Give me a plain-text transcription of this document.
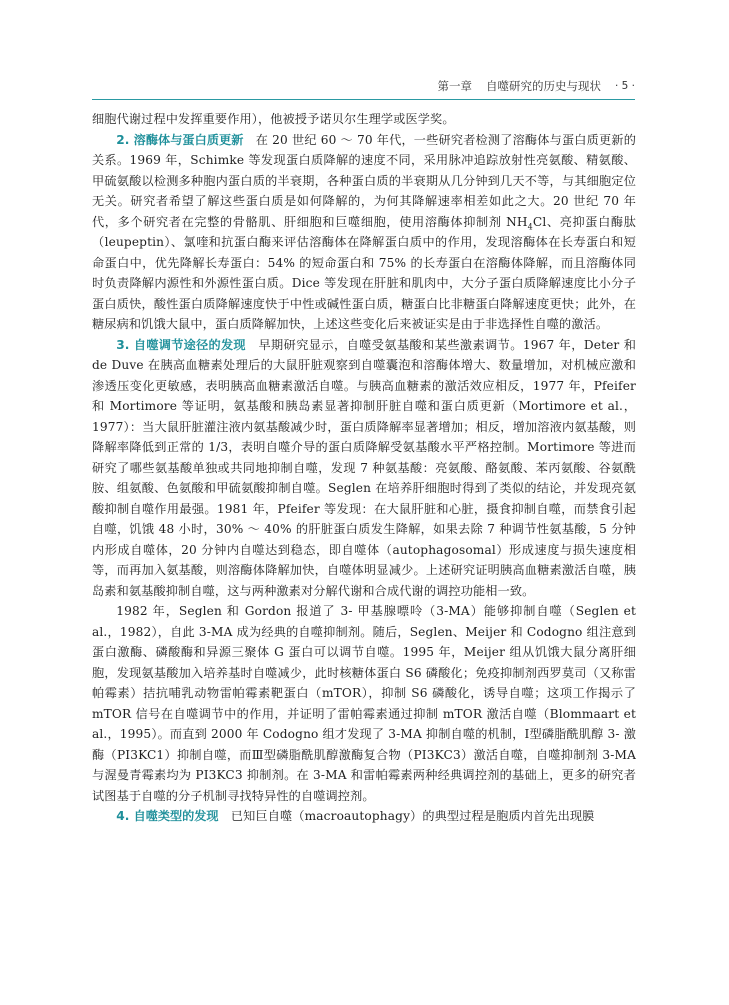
第一章 自噬研究的历史与现状 · 5 ·

细胞代谢过程中发挥重要作用），他被授予诺贝尔生理学或医学奖。

2. 溶酶体与蛋白质更新　在 20 世纪 60 ～ 70 年代，一些研究者检测了溶酶体与蛋白质更新的关系。1969 年，Schimke 等发现蛋白质降解的速度不同，采用脉冲追踪放射性亮氨酸、精氨酸、甲硫氨酸以检测多种胞内蛋白质的半衰期，各种蛋白质的半衰期从几分钟到几天不等，与其细胞定位无关。研究者希望了解这些蛋白质是如何降解的，为何其降解速率相差如此之大。20 世纪 70 年代，多个研究者在完整的骨骼肌、肝细胞和巨噬细胞，使用溶酶体抑制剂 $NH_4Cl$、亮抑蛋白酶肽（leupeptin）、氯喹和抗蛋白酶来评估溶酶体在降解蛋白质中的作用，发现溶酶体在长寿蛋白和短命蛋白中，优先降解长寿蛋白：54% 的短命蛋白和 75% 的长寿蛋白在溶酶体降解，而且溶酶体同时负责降解内源性和外源性蛋白质。Dice 等发现在肝脏和肌肉中，大分子蛋白质降解速度比小分子蛋白质快，酸性蛋白质降解速度快于中性或碱性蛋白质，糖蛋白比非糖蛋白降解速度更快；此外，在糖尿病和饥饿大鼠中，蛋白质降解加快，上述这些变化后来被证实是由于非选择性自噬的激活。

3. 自噬调节途径的发现　早期研究显示，自噬受氨基酸和某些激素调节。1967 年，Deter 和 de Duve 在胰高血糖素处理后的大鼠肝脏观察到自噬囊泡和溶酶体增大、数量增加，对机械应激和渗透压变化更敏感，表明胰高血糖素激活自噬。与胰高血糖素的激活效应相反，1977 年，Pfeifer 和 Mortimore 等证明，氨基酸和胰岛素显著抑制肝脏自噬和蛋白质更新（Mortimore et al.，1977）：当大鼠肝脏灌注液内氨基酸减少时，蛋白质降解率显著增加；相反，增加溶液内氨基酸，则降解率降低到正常的 1/3，表明自噬介导的蛋白质降解受氨基酸水平严格控制。Mortimore 等进而研究了哪些氨基酸单独或共同地抑制自噬，发现 7 种氨基酸：亮氨酸、酪氨酸、苯丙氨酸、谷氨酰胺、组氨酸、色氨酸和甲硫氨酸抑制自噬。Seglen 在培养肝细胞时得到了类似的结论，并发现亮氨酸抑制自噬作用最强。1981 年，Pfeifer 等发现：在大鼠肝脏和心脏，摄食抑制自噬，而禁食引起自噬，饥饿 48 小时，30% ～ 40% 的肝脏蛋白质发生降解，如果去除 7 种调节性氨基酸，5 分钟内形成自噬体，20 分钟内自噬达到稳态，即自噬体（autophagosomal）形成速度与损失速度相等，而再加入氨基酸，则溶酶体降解加快，自噬体明显减少。上述研究证明胰高血糖素激活自噬，胰岛素和氨基酸抑制自噬，这与两种激素对分解代谢和合成代谢的调控功能相一致。

1982 年，Seglen 和 Gordon 报道了 3- 甲基腺嘌呤（3-MA）能够抑制自噬（Seglen et al.，1982），自此 3-MA 成为经典的自噬抑制剂。随后，Seglen、Meijer 和 Codogno 组注意到蛋白激酶、磷酸酶和异源三聚体 G 蛋白可以调节自噬。1995 年，Meijer 组从饥饿大鼠分离肝细胞，发现氨基酸加入培养基时自噬减少，此时核糖体蛋白 S6 磷酸化；免疫抑制剂西罗莫司（又称雷帕霉素）拮抗哺乳动物雷帕霉素靶蛋白（mTOR），抑制 S6 磷酸化，诱导自噬；这项工作揭示了 mTOR 信号在自噬调节中的作用，并证明了雷帕霉素通过抑制 mTOR 激活自噬（Blommaart et al.，1995）。而直到 2000 年 Codogno 组才发现了 3-MA 抑制自噬的机制，Ⅰ型磷脂酰肌醇 3- 激酶（PI3KC1）抑制自噬，而Ⅲ型磷脂酰肌醇激酶复合物（PI3KC3）激活自噬，自噬抑制剂 3-MA 与渥曼青霉素均为 PI3KC3 抑制剂。在 3-MA 和雷帕霉素两种经典调控剂的基础上，更多的研究者试图基于自噬的分子机制寻找特异性的自噬调控剂。

4. 自噬类型的发现　已知巨自噬（macroautophagy）的典型过程是胞质内首先出现膜
